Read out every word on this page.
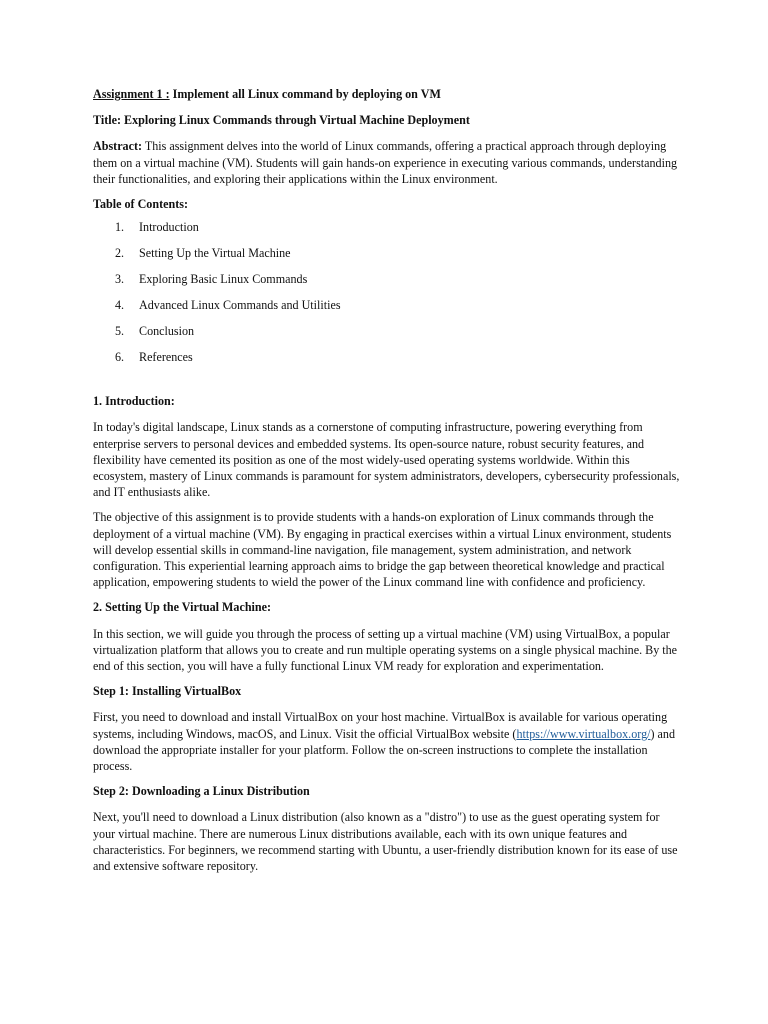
Assignment 1 : Implement all Linux command by deploying on VM

Title: Exploring Linux Commands through Virtual Machine Deployment

Abstract: This assignment delves into the world of Linux commands, offering a practical approach through deploying them on a virtual machine (VM). Students will gain hands-on experience in executing various commands, understanding their functionalities, and exploring their applications within the Linux environment.

Table of Contents:

1. Introduction
2. Setting Up the Virtual Machine
3. Exploring Basic Linux Commands
4. Advanced Linux Commands and Utilities
5. Conclusion
6. References

1. Introduction:

In today's digital landscape, Linux stands as a cornerstone of computing infrastructure, powering everything from enterprise servers to personal devices and embedded systems. Its open-source nature, robust security features, and flexibility have cemented its position as one of the most widely-used operating systems worldwide. Within this ecosystem, mastery of Linux commands is paramount for system administrators, developers, cybersecurity professionals, and IT enthusiasts alike.

The objective of this assignment is to provide students with a hands-on exploration of Linux commands through the deployment of a virtual machine (VM). By engaging in practical exercises within a virtual Linux environment, students will develop essential skills in command-line navigation, file management, system administration, and network configuration. This experiential learning approach aims to bridge the gap between theoretical knowledge and practical application, empowering students to wield the power of the Linux command line with confidence and proficiency.

2. Setting Up the Virtual Machine:

In this section, we will guide you through the process of setting up a virtual machine (VM) using VirtualBox, a popular virtualization platform that allows you to create and run multiple operating systems on a single physical machine. By the end of this section, you will have a fully functional Linux VM ready for exploration and experimentation.

Step 1: Installing VirtualBox

First, you need to download and install VirtualBox on your host machine. VirtualBox is available for various operating systems, including Windows, macOS, and Linux. Visit the official VirtualBox website (https://www.virtualbox.org/) and download the appropriate installer for your platform. Follow the on-screen instructions to complete the installation process.

Step 2: Downloading a Linux Distribution

Next, you'll need to download a Linux distribution (also known as a "distro") to use as the guest operating system for your virtual machine. There are numerous Linux distributions available, each with its own unique features and characteristics. For beginners, we recommend starting with Ubuntu, a user-friendly distribution known for its ease of use and extensive software repository.
